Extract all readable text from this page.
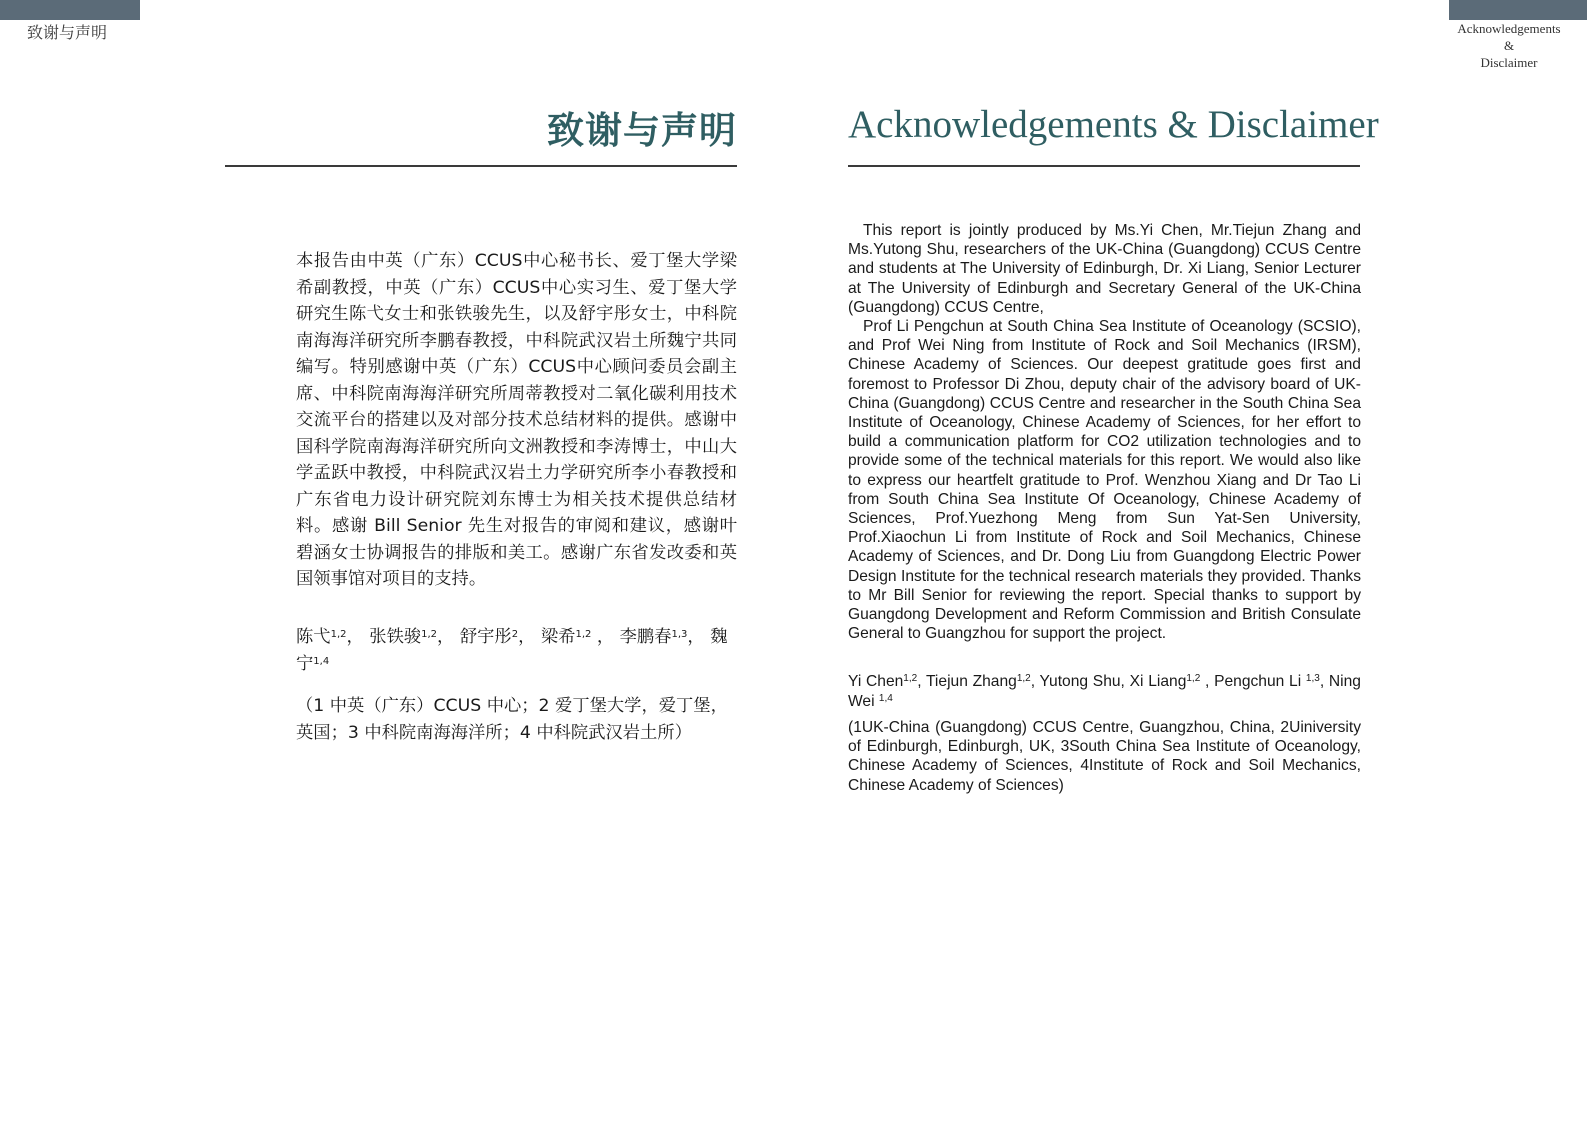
致谢与声明	Acknowledgements
&
Disclaimer
致谢与声明	Acknowledgements & Disclaimer

本报告由中英（广东）CCUS中心秘书长、爱丁堡大学梁希副教授，中英（广东）CCUS中心实习生、爱丁堡大学研究生陈弋女士和张铁骏先生，以及舒宇彤女士，中科院南海海洋研究所李鹏春教授，中科院武汉岩土所魏宁共同编写。特别感谢中英（广东）CCUS中心顾问委员会副主席、中科院南海海洋研究所周蒂教授对二氧化碳利用技术交流平台的搭建以及对部分技术总结材料的提供。感谢中国科学院南海海洋研究所向文洲教授和李涛博士，中山大学孟跃中教授，中科院武汉岩土力学研究所李小春教授和广东省电力设计研究院刘东博士为相关技术提供总结材料。感谢 Bill Senior 先生对报告的审阅和建议，感谢叶碧涵女士协调报告的排版和美工。感谢广东省发改委和英国领事馆对项目的支持。

陈弋$^{1,2}$， 张铁骏$^{1,2}$， 舒宇彤$^2$， 梁希$^{1,2}$ ， 李鹏春$^{1,3}$， 魏宁$^{1,4}$

（1 中英（广东）CCUS 中心；2 爱丁堡大学，爱丁堡，英国；3 中科院南海海洋所；4 中科院武汉岩土所）

This report is jointly produced by Ms.Yi Chen, Mr.Tiejun Zhang and Ms.Yutong Shu, researchers of the UK-China (Guangdong) CCUS Centre and students at The University of Edinburgh, Dr. Xi Liang, Senior Lecturer at The University of Edinburgh and Secretary General of the UK-China (Guangdong) CCUS Centre,

Prof Li Pengchun at South China Sea Institute of Oceanology (SCSIO), and Prof Wei Ning from Institute of Rock and Soil Mechanics (IRSM), Chinese Academy of Sciences. Our deepest gratitude goes first and foremost to Professor Di Zhou, deputy chair of the advisory board of UK-China (Guangdong) CCUS Centre and researcher in the South China Sea Institute of Oceanology, Chinese Academy of Sciences, for her effort to build a communication platform for CO2 utilization technologies and to provide some of the technical materials for this report. We would also like to express our heartfelt gratitude to Prof. Wenzhou Xiang and Dr Tao Li from South China Sea Institute Of Oceanology, Chinese Academy of Sciences, Prof.Yuezhong Meng from Sun Yat-Sen University, Prof.Xiaochun Li from Institute of Rock and Soil Mechanics, Chinese Academy of Sciences, and Dr. Dong Liu from Guangdong Electric Power Design Institute for the technical research materials they provided. Thanks to Mr Bill Senior for reviewing the report. Special thanks to support by Guangdong Development and Reform Commission and British Consulate General to Guangzhou for support the project.

Yi Chen$^{1,2}$, Tiejun Zhang$^{1,2}$, Yutong Shu, Xi Liang$^{1,2}$ , Pengchun Li $^{1,3}$, Ning Wei $^{1,4}$

(1UK-China (Guangdong) CCUS Centre, Guangzhou, China, 2Uiniversity of Edinburgh, Edinburgh, UK, 3South China Sea Institute of Oceanology, Chinese Academy of Sciences, 4Institute of Rock and Soil Mechanics, Chinese Academy of Sciences)
